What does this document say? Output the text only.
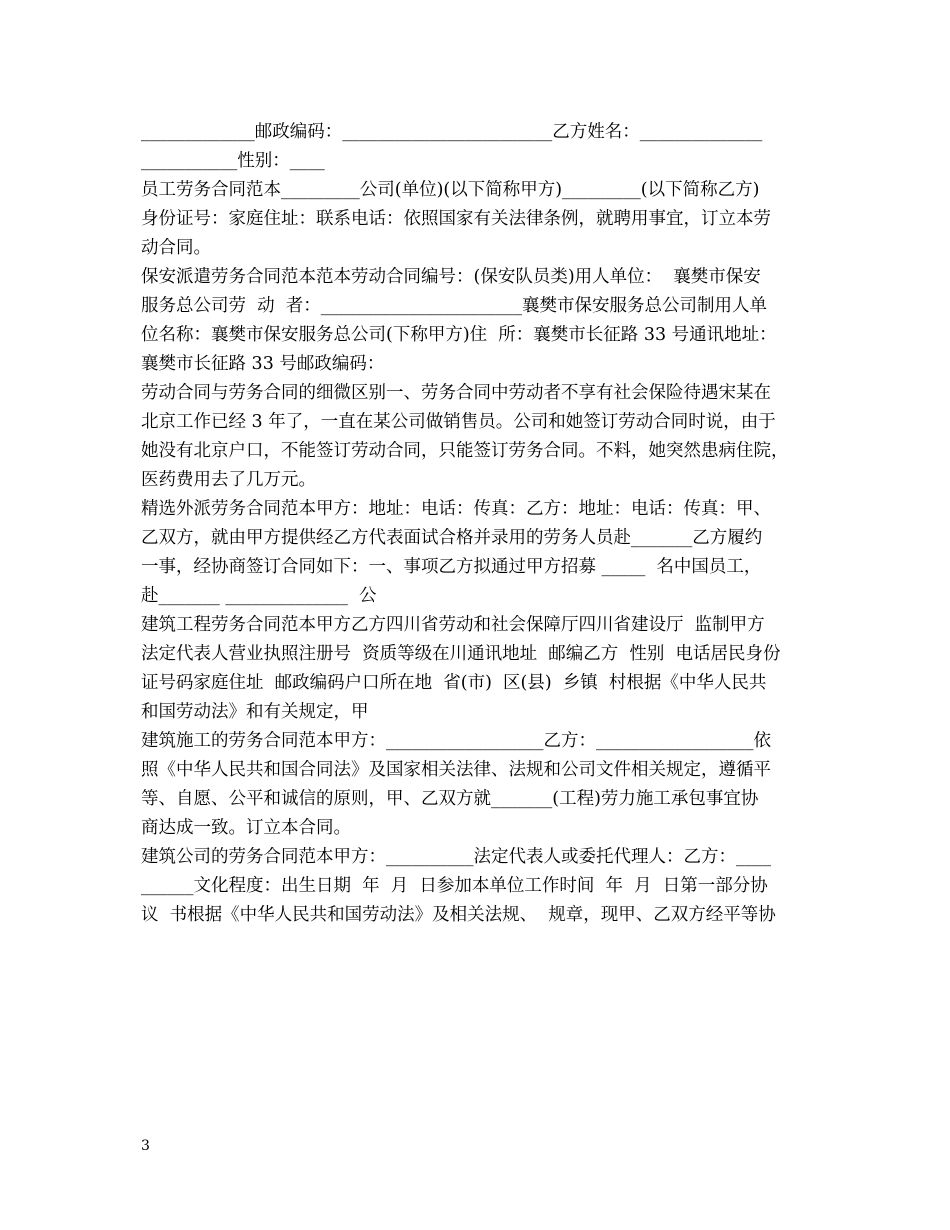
_____________邮政编码：________________________乙方姓名：______________
___________性别：____
员工劳务合同范本_________公司(单位)(以下简称甲方)_________(以下简称乙方)
身份证号：家庭住址：联系电话：依照国家有关法律条例，就聘用事宜，订立本劳
动合同。
保安派遣劳务合同范本范本劳动合同编号：(保安队员类)用人单位：  襄樊市保安
服务总公司劳  动  者：_______________________襄樊市保安服务总公司制用人单
位名称：襄樊市保安服务总公司(下称甲方)住  所：襄樊市长征路 33 号通讯地址：
襄樊市长征路 33 号邮政编码：
劳动合同与劳务合同的细微区别一、劳务合同中劳动者不享有社会保险待遇宋某在
北京工作已经 3 年了，一直在某公司做销售员。公司和她签订劳动合同时说，由于
她没有北京户口，不能签订劳动合同，只能签订劳务合同。不料，她突然患病住院，
医药费用去了几万元。
精选外派劳务合同范本甲方：地址：电话：传真：乙方：地址：电话：传真：甲、
乙双方，就由甲方提供经乙方代表面试合格并录用的劳务人员赴_______乙方履约
一事，经协商签订合同如下：一、事项乙方拟通过甲方招募 _____  名中国员工，
赴_______ ______________  公
建筑工程劳务合同范本甲方乙方四川省劳动和社会保障厅四川省建设厅  监制甲方
法定代表人营业执照注册号  资质等级在川通讯地址  邮编乙方  性别  电话居民身份
证号码家庭住址  邮政编码户口所在地  省(市)  区(县)  乡镇  村根据《中华人民共
和国劳动法》和有关规定，甲
建筑施工的劳务合同范本甲方：__________________乙方：__________________依
照《中华人民共和国合同法》及国家相关法律、法规和公司文件相关规定，遵循平
等、自愿、公平和诚信的原则，甲、乙双方就_______(工程)劳力施工承包事宜协
商达成一致。订立本合同。
建筑公司的劳务合同范本甲方：__________法定代表人或委托代理人：乙方：____
______文化程度：出生日期  年  月  日参加本单位工作时间  年  月  日第一部分协
议  书根据《中华人民共和国劳动法》及相关法规、  规章，现甲、乙双方经平等协
3
